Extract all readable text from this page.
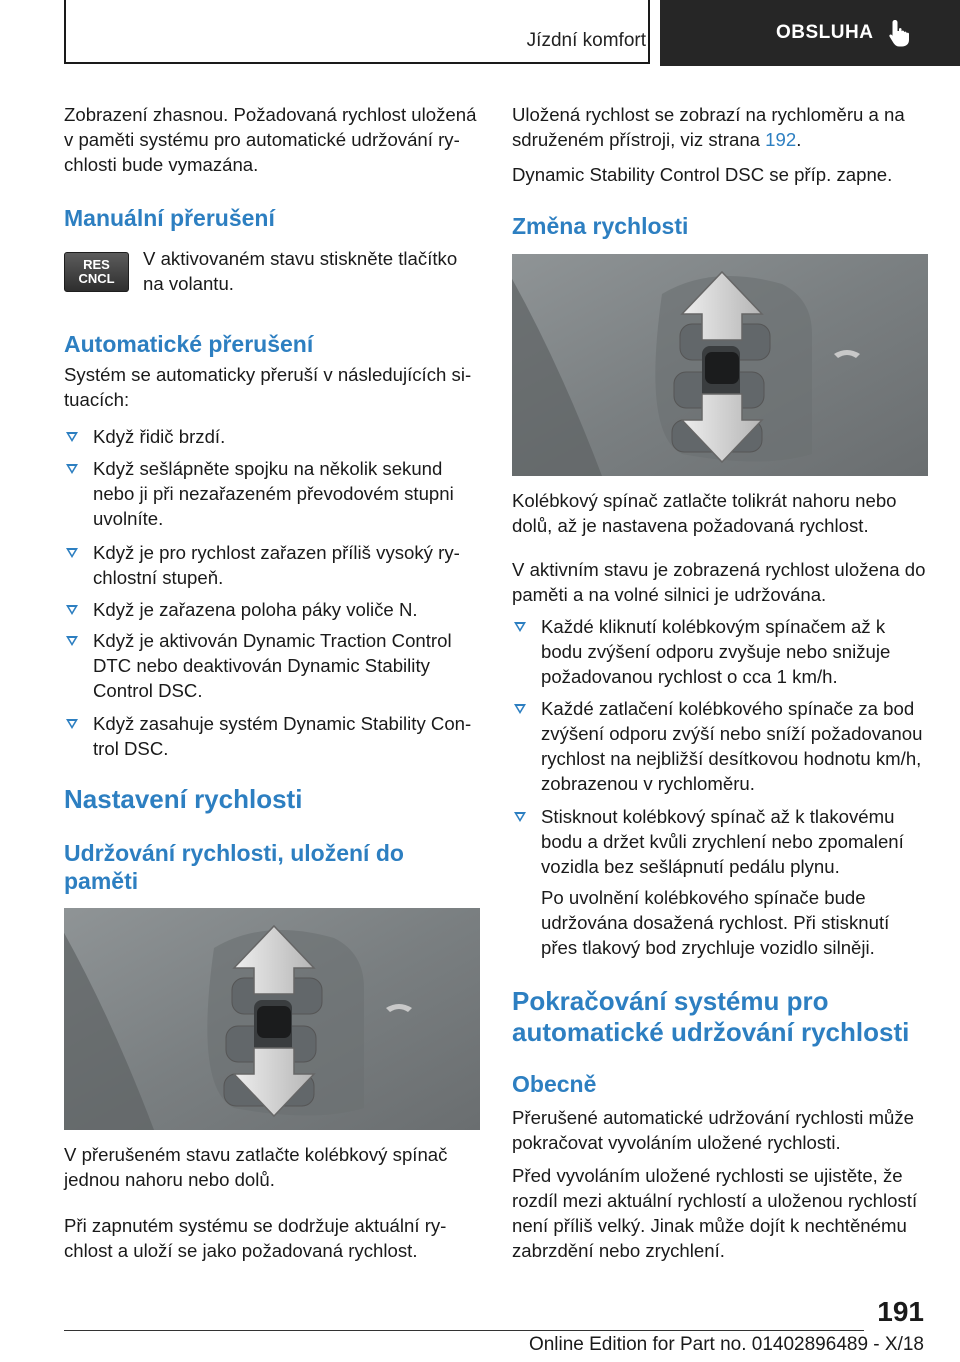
Jízdní komfort	OBSLUHA

Zobrazení zhasnou. Požadovaná rychlost uložená v paměti systému pro automatické udržování ry-chlosti bude vymazána.

Manuální přerušení

RES
CNCL

V aktivovaném stavu stiskněte tlačítko na volantu.

Automatické přerušení

Systém se automaticky přeruší v následujících si-tuacích:

Když řidič brzdí.
Když sešlápněte spojku na několik sekund nebo ji při nezařazeném převodovém stupni uvolníte.
Když je pro rychlost zařazen příliš vysoký ry-chlostní stupeň.
Když je zařazena poloha páky voliče N.
Když je aktivován Dynamic Traction Control DTC nebo deaktivován Dynamic Stability Control DSC.
Když zasahuje systém Dynamic Stability Con-trol DSC.

Nastavení rychlosti

Udržování rychlosti, uložení do paměti

V přerušeném stavu zatlačte kolébkový spínač jednou nahoru nebo dolů.

Při zapnutém systému se dodržuje aktuální ry-chlost a uloží se jako požadovaná rychlost.

Uložená rychlost se zobrazí na rychloměru a na sdruženém přístroji, viz strana 192.

Dynamic Stability Control DSC se příp. zapne.

Změna rychlosti

Kolébkový spínač zatlačte tolikrát nahoru nebo dolů, až je nastavena požadovaná rychlost.

V aktivním stavu je zobrazená rychlost uložena do paměti a na volné silnici je udržována.

Každé kliknutí kolébkovým spínačem až k bodu zvýšení odporu zvyšuje nebo snižuje požadovanou rychlost o cca 1 km/h.
Každé zatlačení kolébkového spínače za bod zvýšení odporu zvýší nebo sníží požadovanou rychlost na nejbližší desítkovou hodnotu km/h, zobrazenou v rychloměru.
Stisknout kolébkový spínač až k tlakovému bodu a držet kvůli zrychlení nebo zpomalení vozidla bez sešlápnutí pedálu plynu.

Po uvolnění kolébkového spínače bude udržována dosažená rychlost. Při stisknutí přes tlakový bod zrychluje vozidlo silněji.

Pokračování systému pro automatické udržování rychlosti

Obecně

Přerušené automatické udržování rychlosti může pokračovat vyvoláním uložené rychlosti.

Před vyvoláním uložené rychlosti se ujistěte, že rozdíl mezi aktuální rychlostí a uloženou rychlostí není příliš velký. Jinak může dojít k nechtěnému zabrzdění nebo zrychlení.

191
Online Edition for Part no. 01402896489 - X/18
